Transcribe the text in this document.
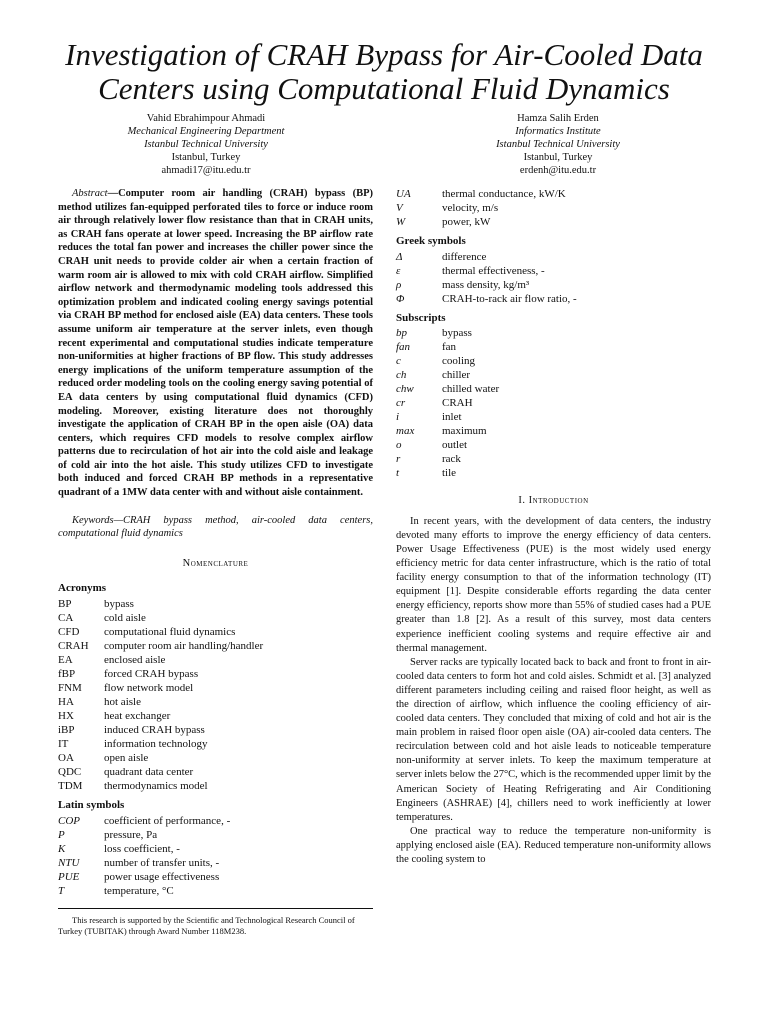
Investigation of CRAH Bypass for Air-Cooled Data Centers using Computational Fluid Dynamics
Vahid Ebrahimpour Ahmadi
Mechanical Engineering Department
Istanbul Technical University
Istanbul, Turkey
ahmadi17@itu.edu.tr
Hamza Salih Erden
Informatics Institute
Istanbul Technical University
Istanbul, Turkey
erdenh@itu.edu.tr

Abstract—Computer room air handling (CRAH) bypass (BP) method utilizes fan-equipped perforated tiles to force or induce room air through relatively lower flow resistance than that in CRAH units, as CRAH fans operate at lower speed. Increasing the BP airflow rate reduces the total fan power and increases the chiller power since the CRAH unit needs to provide colder air when a certain fraction of warm room air is allowed to mix with cold CRAH airflow. Simplified airflow network and thermodynamic modeling tools addressed this optimization problem and indicated cooling energy savings potential via CRAH BP method for enclosed aisle (EA) data centers. These tools assume uniform air temperature at the server inlets, even though recent experimental and computational studies indicate temperature non-uniformities at higher fractions of BP flow. This study addresses energy implications of the uniform temperature assumption of the reduced order modeling tools on the cooling energy saving potential of EA data centers by using computational fluid dynamics (CFD) modeling. Moreover, existing literature does not thoroughly investigate the application of CRAH BP in the open aisle (OA) data centers, which requires CFD models to resolve complex airflow patterns due to recirculation of hot air into the cold aisle and leakage of cold air into the hot aisle. This study utilizes CFD to investigate both induced and forced CRAH BP methods in a representative quadrant of a 1MW data center with and without aisle containment.

Keywords—CRAH bypass method, air-cooled data centers, computational fluid dynamics

Nomenclature
Acronyms
BP	bypass
CA	cold aisle
CFD	computational fluid dynamics
CRAH	computer room air handling/handler
EA	enclosed aisle
fBP	forced CRAH bypass
FNM	flow network model
HA	hot aisle
HX	heat exchanger
iBP	induced CRAH bypass
IT	information technology
OA	open aisle
QDC	quadrant data center
TDM	thermodynamics model
Latin symbols
COP	coefficient of performance, -
P	pressure, Pa
K	loss coefficient, -
NTU	number of transfer units, -
PUE	power usage effectiveness
T	temperature, °C

This research is supported by the Scientific and Technological Research Council of Turkey (TUBITAK) through Award Number 118M238.

UA	thermal conductance, kW/K
V	velocity, m/s
W	power, kW
Greek symbols
Δ	difference
ε	thermal effectiveness, -
ρ	mass density, kg/m³
Φ	CRAH-to-rack air flow ratio, -
Subscripts
bp	bypass
fan	fan
c	cooling
ch	chiller
chw	chilled water
cr	CRAH
i	inlet
max	maximum
o	outlet
r	rack
t	tile
I. Introduction

In recent years, with the development of data centers, the industry devoted many efforts to improve the energy efficiency of data centers. Power Usage Effectiveness (PUE) is the most widely used energy efficiency metric for data center infrastructure, which is the ratio of total facility energy consumption to that of the information technology (IT) equipment [1]. Despite considerable efforts regarding the data center energy efficiency, reports show more than 55% of studied cases had a PUE greater than 1.8 [2]. As a result of this survey, most data centers experience inefficient cooling systems and require effective air and thermal management.

Server racks are typically located back to back and front to front in air-cooled data centers to form hot and cold aisles. Schmidt et al. [3] analyzed different parameters including ceiling and raised floor height, as well as the direction of airflow, which influence the cooling efficiency of air-cooled data centers. They concluded that mixing of cold and hot air is the main problem in raised floor open aisle (OA) air-cooled data centers. The recirculation between cold and hot aisle leads to noticeable temperature non-uniformity at server inlets. To keep the maximum temperature at server inlets below the 27°C, which is the recommended upper limit by the American Society of Heating Refrigerating and Air Conditioning Engineers (ASHRAE) [4], chillers need to work inefficiently at lower temperatures.

One practical way to reduce the temperature non-uniformity is applying enclosed aisle (EA). Reduced temperature non-uniformity allows the cooling system to
